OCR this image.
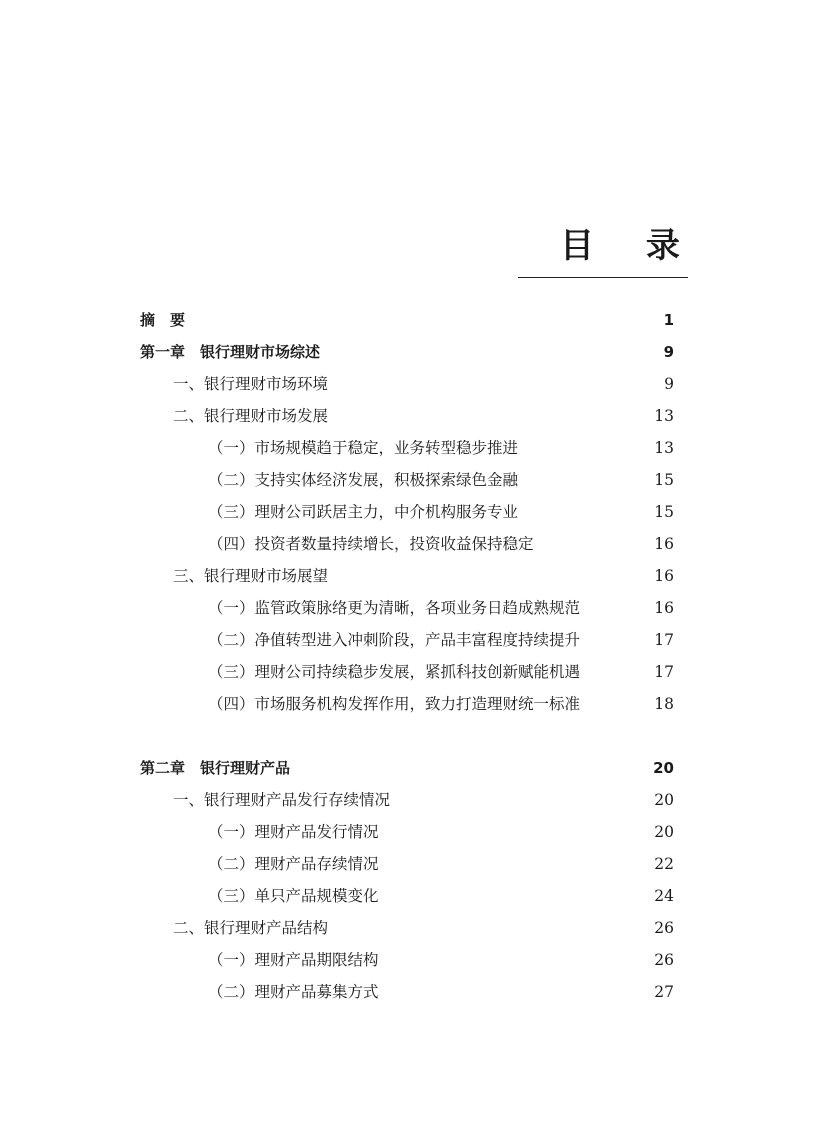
目 录
摘　要	1
第一章　银行理财市场综述	9
一、银行理财市场环境	9
二、银行理财市场发展	13
（一）市场规模趋于稳定，业务转型稳步推进	13
（二）支持实体经济发展，积极探索绿色金融	15
（三）理财公司跃居主力，中介机构服务专业	15
（四）投资者数量持续增长，投资收益保持稳定	16
三、银行理财市场展望	16
（一）监管政策脉络更为清晰，各项业务日趋成熟规范	16
（二）净值转型进入冲刺阶段，产品丰富程度持续提升	17
（三）理财公司持续稳步发展，紧抓科技创新赋能机遇	17
（四）市场服务机构发挥作用，致力打造理财统一标准	18
第二章　银行理财产品	20
一、银行理财产品发行存续情况	20
（一）理财产品发行情况	20
（二）理财产品存续情况	22
（三）单只产品规模变化	24
二、银行理财产品结构	26
（一）理财产品期限结构	26
（二）理财产品募集方式	27
